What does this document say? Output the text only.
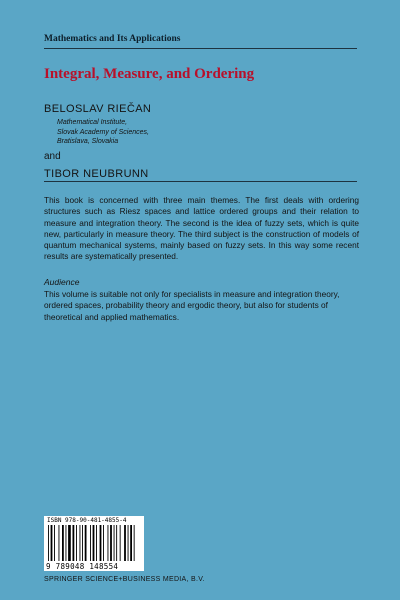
Mathematics and Its Applications
Integral, Measure, and Ordering
BELOSLAV RIEČAN
Mathematical Institute,
Slovak Academy of Sciences,
Bratislava, Slovakia
and
TIBOR NEUBRUNN
This book is concerned with three main themes. The first deals with ordering structures such as Riesz spaces and lattice ordered groups and their relation to measure and integration theory. The second is the idea of fuzzy sets, which is quite new, particularly in measure theory. The third subject is the construction of models of quantum mechanical systems, mainly based on fuzzy sets. In this way some recent results are systematically presented.
Audience
This volume is suitable not only for specialists in measure and integration theory, ordered spaces, probability theory and ergodic theory, but also for students of theoretical and applied mathematics.
ISBN 978-90-481-4855-4
9 789048 148554
SPRINGER SCIENCE+BUSINESS MEDIA, B.V.
